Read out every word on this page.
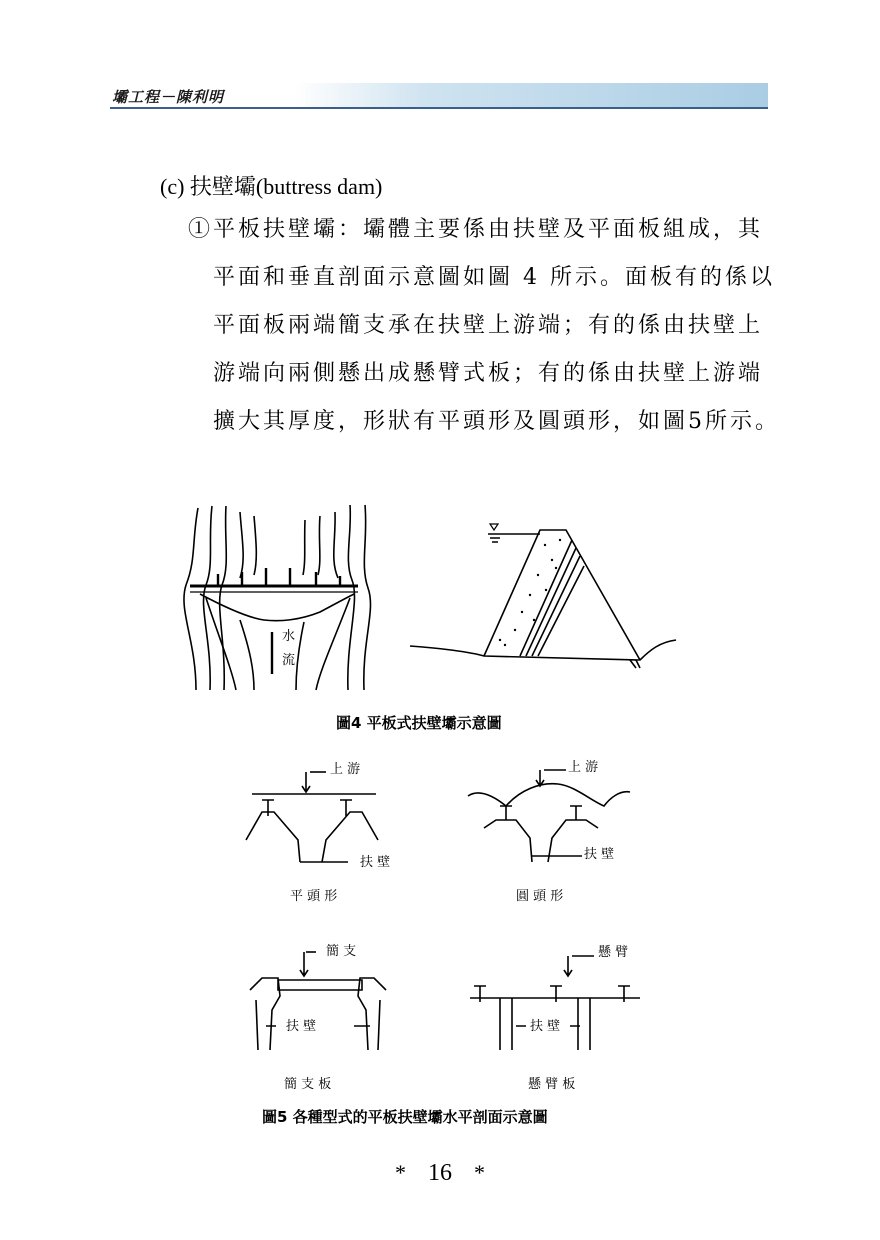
壩工程－陳利明
(c) 扶壁壩(buttress dam)
①平板扶壁壩：壩體主要係由扶壁及平面板組成，其
平面和垂直剖面示意圖如圖 4 所示。面板有的係以
平面板兩端簡支承在扶壁上游端；有的係由扶壁上
游端向兩側懸出成懸臂式板；有的係由扶壁上游端
擴大其厚度，形狀有平頭形及圓頭形，如圖5所示。
水
流
圖4 平板式扶壁壩示意圖
上 游	上 游
扶 壁
扶 壁
平 頭 形	圓 頭 形
簡 支	懸 臂
扶 壁	扶 壁
簡 支 板	懸 臂 板
圖5 各種型式的平板扶壁壩水平剖面示意圖
* 16 *
